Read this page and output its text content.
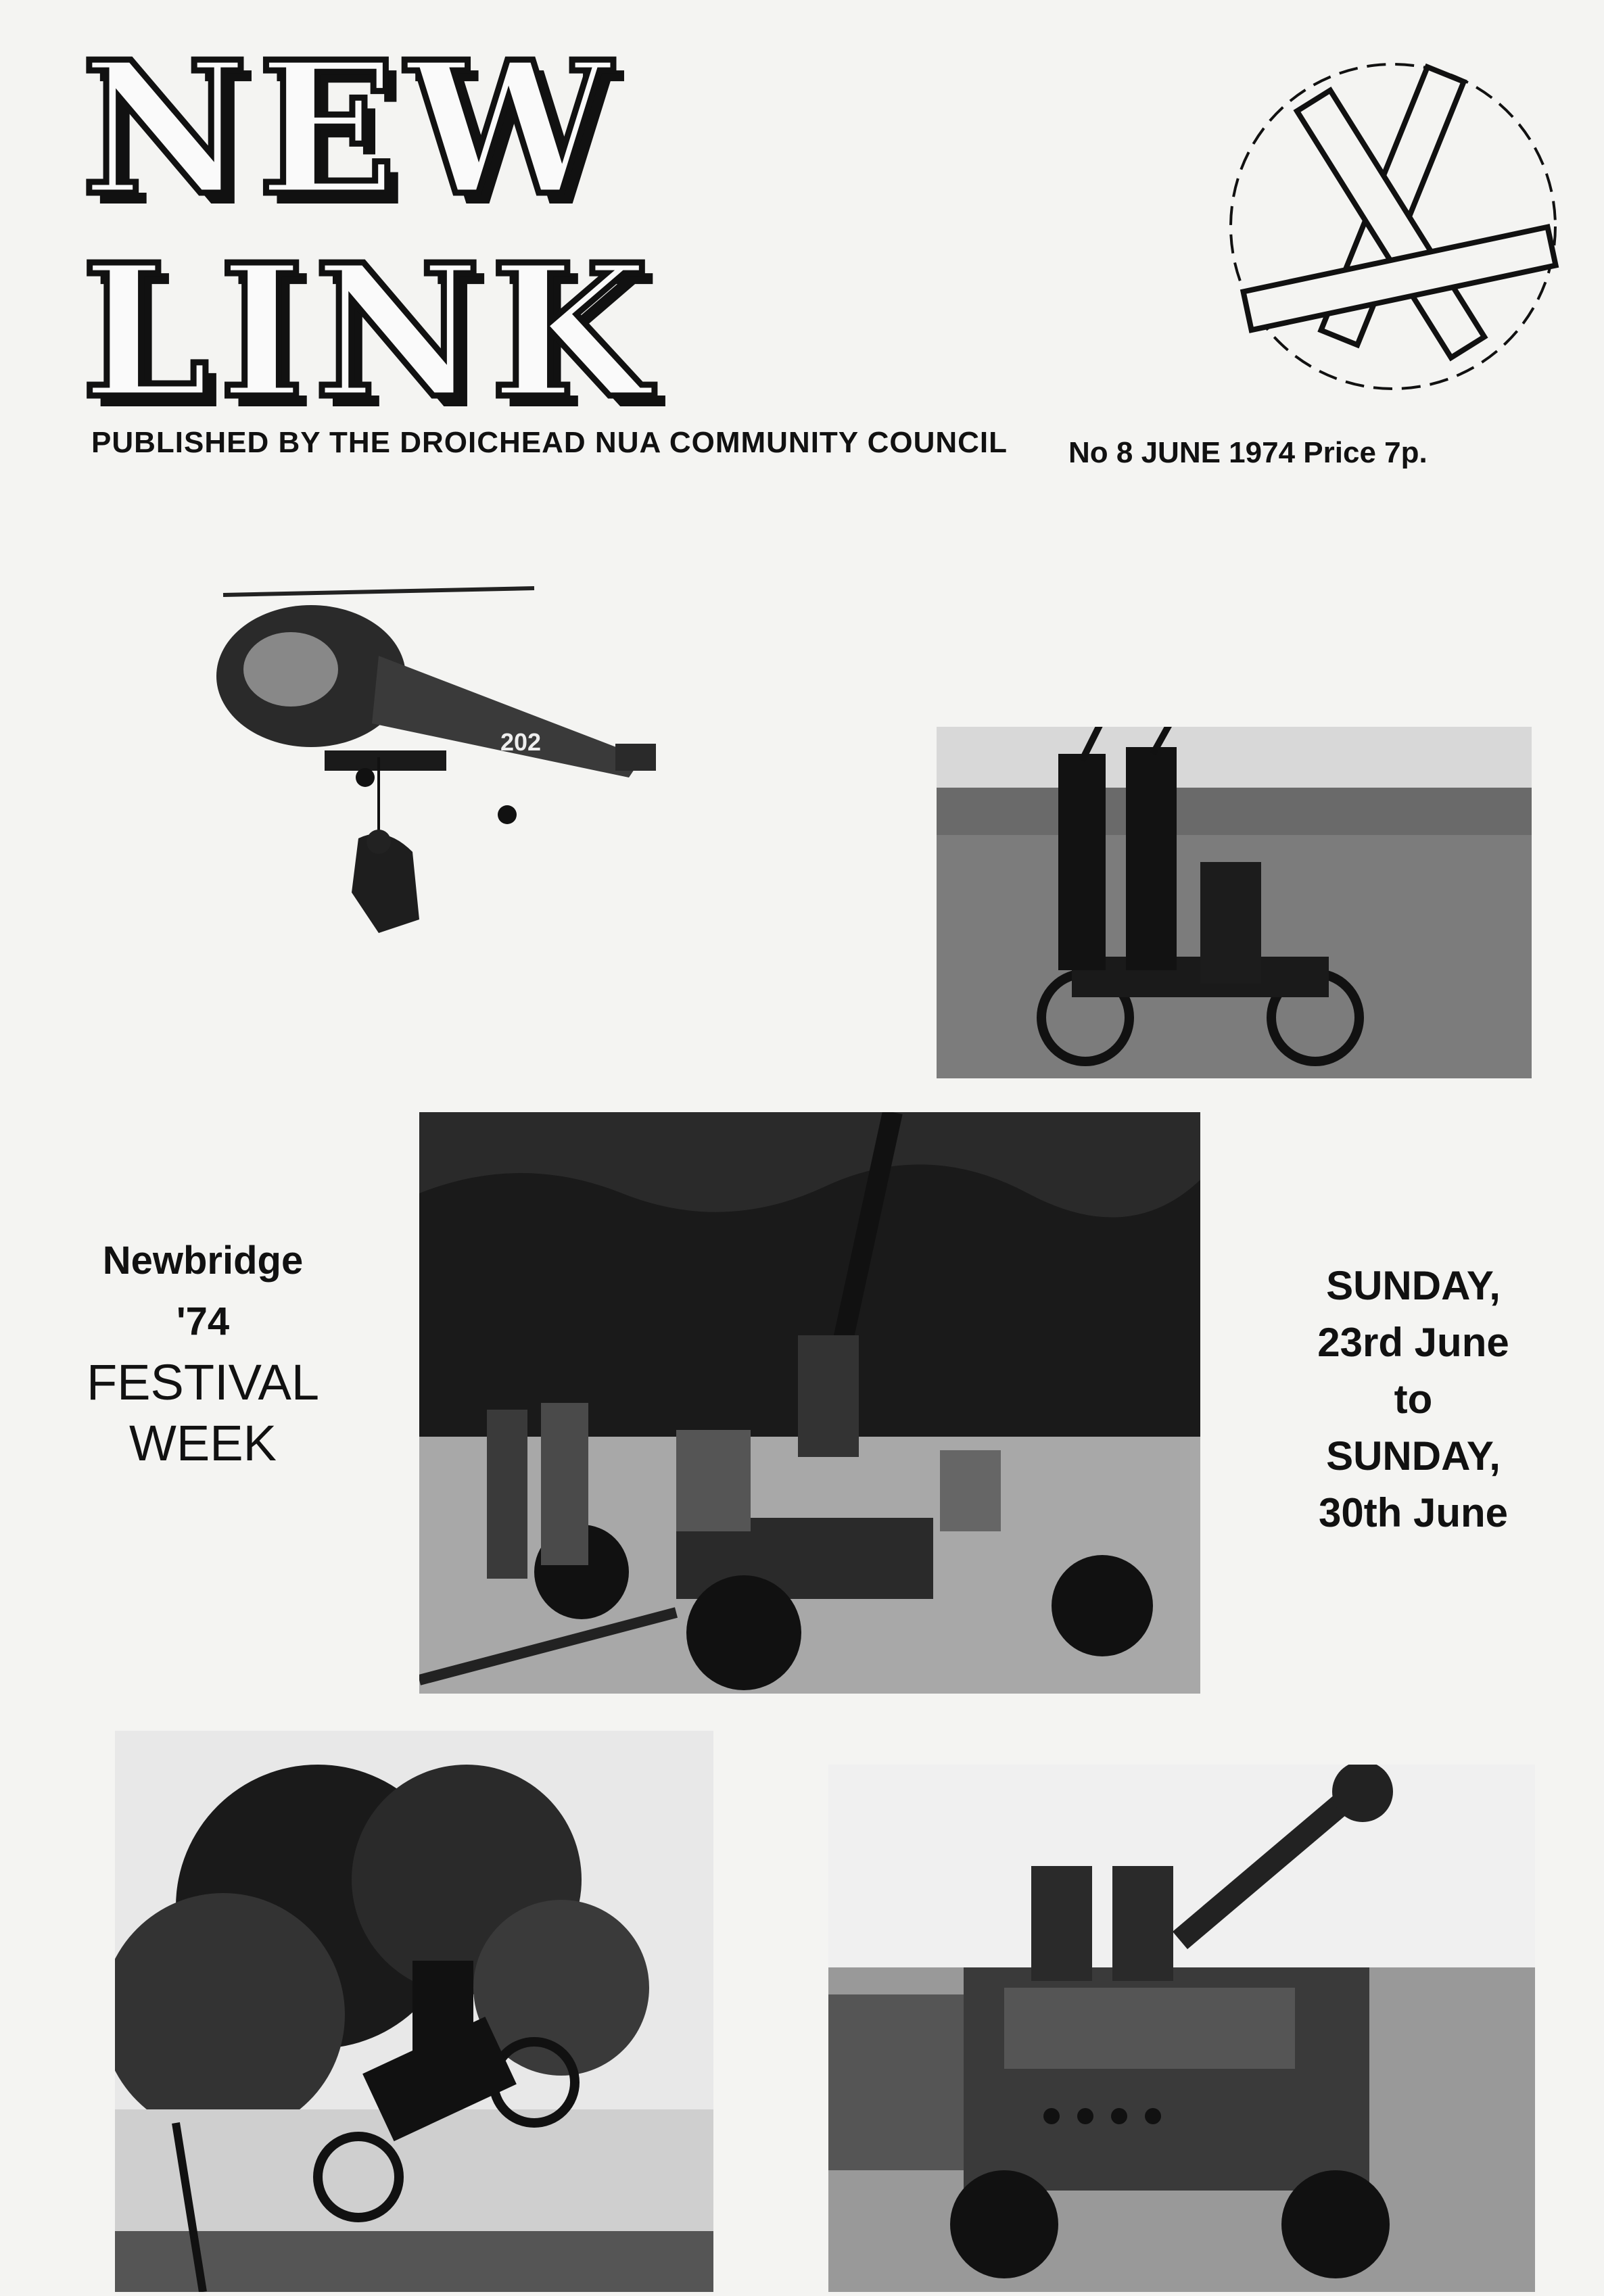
NEW
LINK
PUBLISHED BY THE DROICHEAD NUA COMMUNITY COUNCIL No 8 JUNE 1974 Price 7p.
202
Newbridge
'74
FESTIVAL
WEEK
SUNDAY,
23rd June
to
SUNDAY,
30th June
